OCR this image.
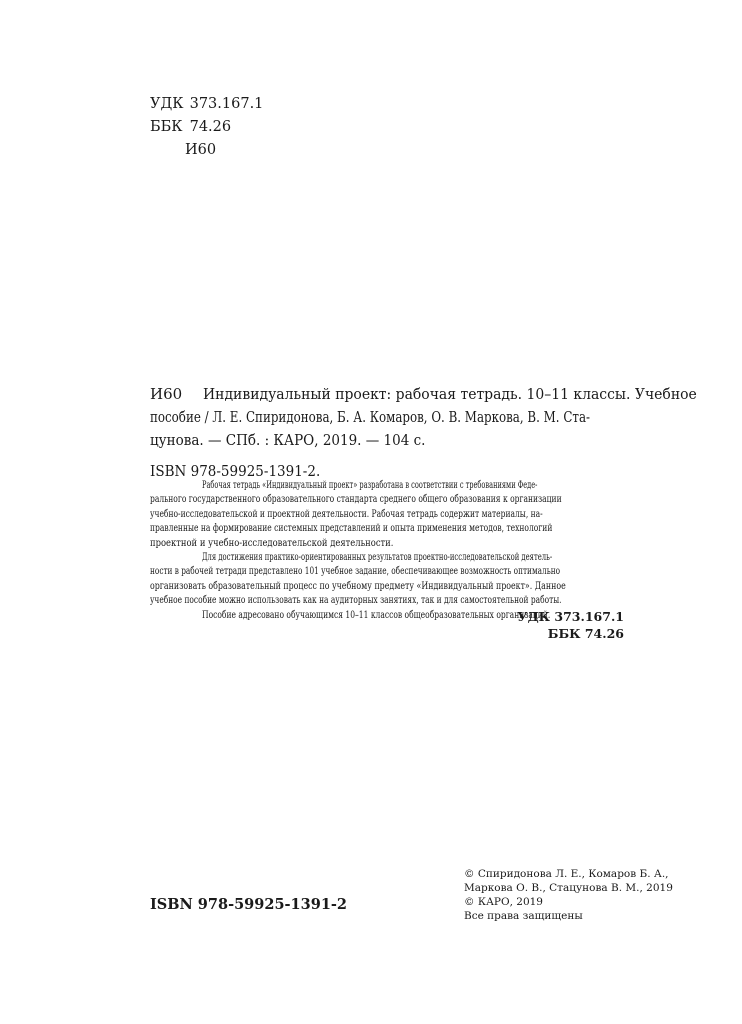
УДК 373.167.1
ББК 74.26
И60
И60 Индивидуальный проект: рабочая тетрадь. 10–11 классы. Учебное
пособие / Л. Е. Спиридонова, Б. А. Комаров, О. В. Маркова, В. М. Ста-
цунова. — СПб. : КАРО, 2019. — 104 с.
ISBN 978-59925-1391-2.
Рабочая тетрадь «Индивидуальный проект» разработана в соответствии с требованиями Феде-
рального государственного образовательного стандарта среднего общего образования к организации
учебно-исследовательской и проектной деятельности. Рабочая тетрадь содержит материалы, на-
правленные на формирование системных представлений и опыта применения методов, технологий
проектной и учебно-исследовательской деятельности.
Для достижения практико-ориентированных результатов проектно-исследовательской деятель-
ности в рабочей тетради представлено 101 учебное задание, обеспечивающее возможность оптимально
организовать образовательный процесс по учебному предмету «Индивидуальный проект». Данное
учебное пособие можно использовать как на аудиторных занятиях, так и для самостоятельной работы.
Пособие адресовано обучающимся 10–11 классов общеобразовательных организаций.
УДК 373.167.1
ББК 74.26
ISBN 978-59925-1391-2
© Спиридонова Л. Е., Комаров Б. А.,
Маркова О. В., Стацунова В. М., 2019
© КАРО, 2019
Все права защищены
